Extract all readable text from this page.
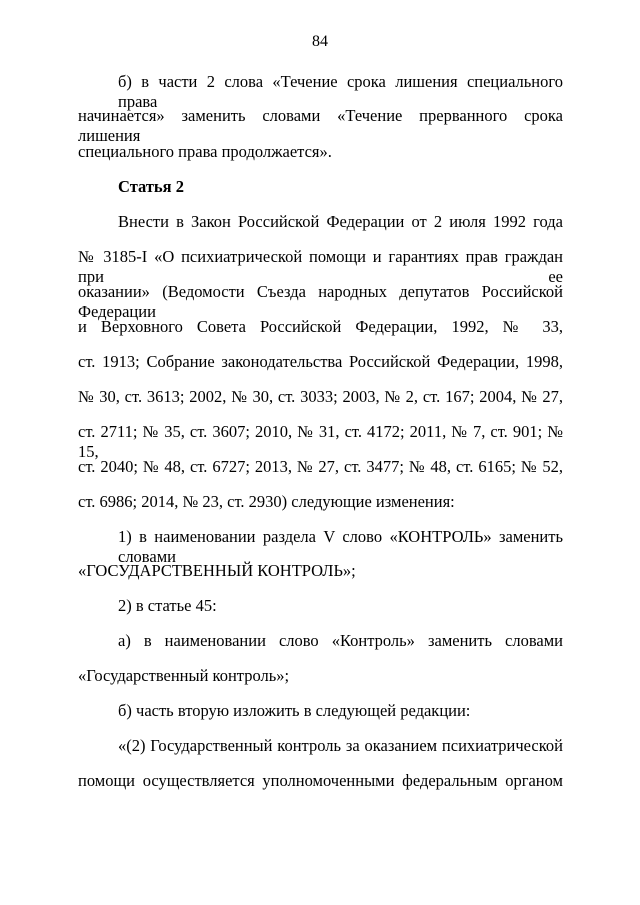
84
б) в части 2 слова «Течение срока лишения специального права
начинается» заменить словами «Течение прерванного срока лишения
специального права продолжается».
Статья 2
Внести в Закон Российской Федерации от 2 июля 1992 года
№ 3185-I «О психиатрической помощи и гарантиях прав граждан при ее
оказании» (Ведомости Съезда народных депутатов Российской Федерации
и Верховного Совета Российской Федерации, 1992, № 33,
ст. 1913; Собрание законодательства Российской Федерации, 1998,
№ 30, ст. 3613; 2002, № 30, ст. 3033; 2003, № 2, ст. 167; 2004, № 27,
ст. 2711; № 35, ст. 3607; 2010, № 31, ст. 4172; 2011, № 7, ст. 901; № 15,
ст. 2040; № 48, ст. 6727; 2013, № 27, ст. 3477; № 48, ст. 6165; № 52,
ст. 6986; 2014, № 23, ст. 2930) следующие изменения:
1) в наименовании раздела V слово «КОНТРОЛЬ» заменить словами
«ГОСУДАРСТВЕННЫЙ КОНТРОЛЬ»;
2) в статье 45:
а) в наименовании слово «Контроль» заменить словами
«Государственный контроль»;
б) часть вторую изложить в следующей редакции:
«(2) Государственный контроль за оказанием психиатрической
помощи осуществляется уполномоченными федеральным органом
